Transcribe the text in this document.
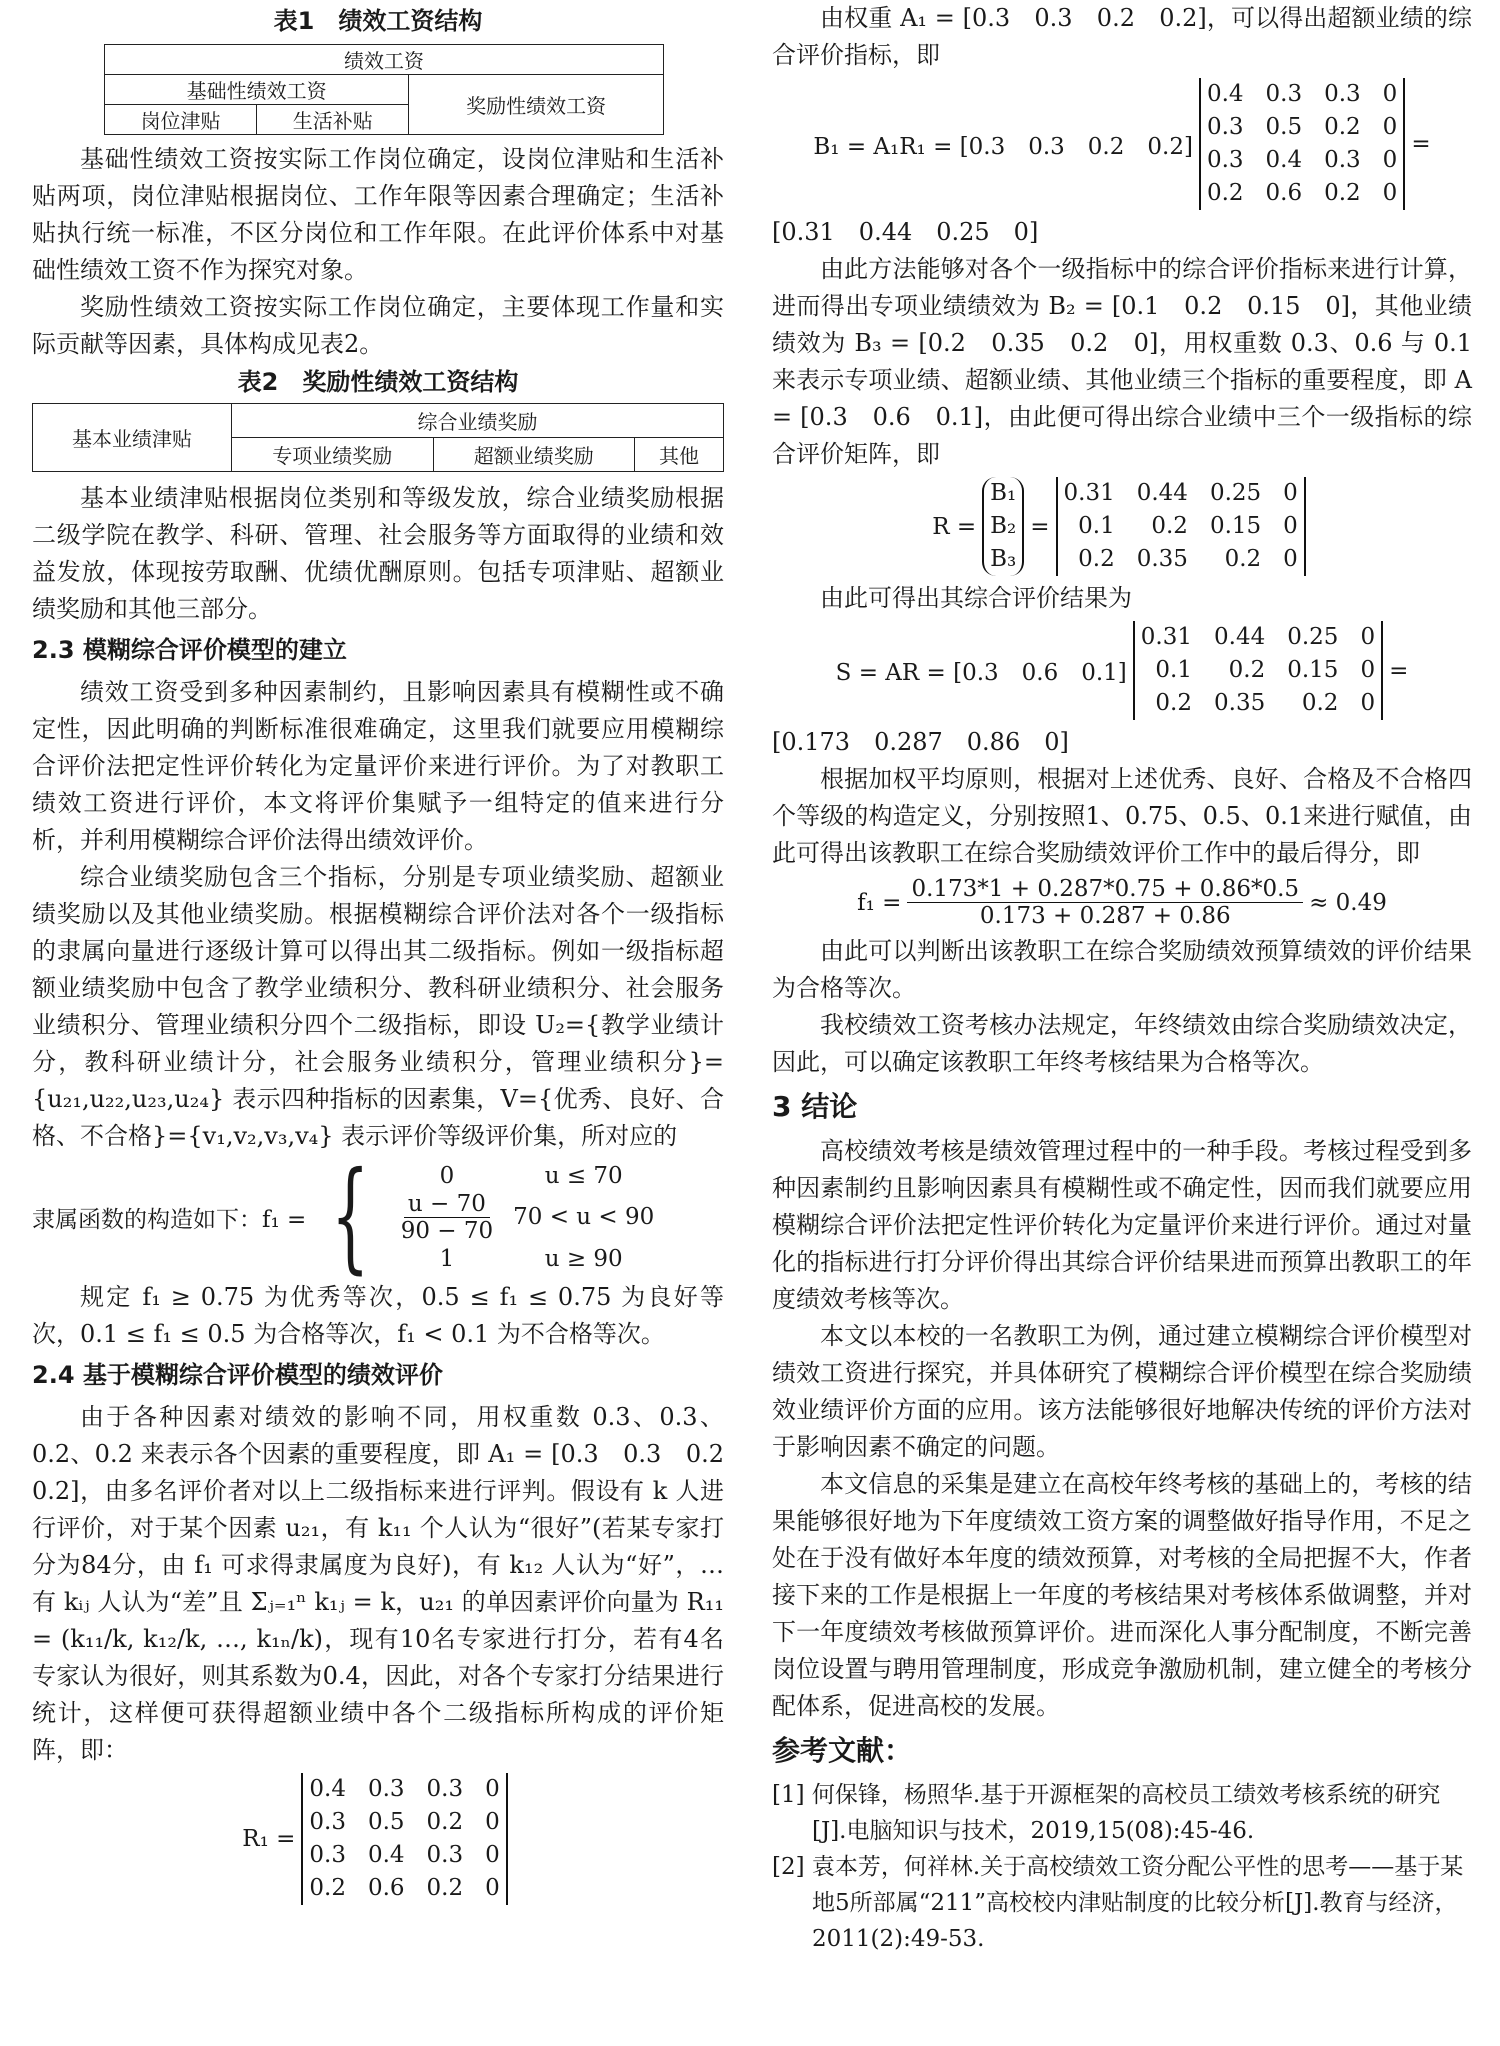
表1　绩效工资结构
绩效工资		
基础性绩效工资		奖励性绩效工资
岗位津贴	生活补贴	

基础性绩效工资按实际工作岗位确定，设岗位津贴和生活补贴两项，岗位津贴根据岗位、工作年限等因素合理确定；生活补贴执行统一标准，不区分岗位和工作年限。在此评价体系中对基础性绩效工资不作为探究对象。

奖励性绩效工资按实际工作岗位确定，主要体现工作量和实际贡献等因素，具体构成见表2。

表2　奖励性绩效工资结构
基本业绩津贴	综合业绩奖励		
	专项业绩奖励	超额业绩奖励	其他

基本业绩津贴根据岗位类别和等级发放，综合业绩奖励根据二级学院在教学、科研、管理、社会服务等方面取得的业绩和效益发放，体现按劳取酬、优绩优酬原则。包括专项津贴、超额业绩奖励和其他三部分。

2.3 模糊综合评价模型的建立

绩效工资受到多种因素制约，且影响因素具有模糊性或不确定性，因此明确的判断标准很难确定，这里我们就要应用模糊综合评价法把定性评价转化为定量评价来进行评价。为了对教职工绩效工资进行评价，本文将评价集赋予一组特定的值来进行分析，并利用模糊综合评价法得出绩效评价。

综合业绩奖励包含三个指标，分别是专项业绩奖励、超额业绩奖励以及其他业绩奖励。根据模糊综合评价法对各个一级指标的隶属向量进行逐级计算可以得出其二级指标。例如一级指标超额业绩奖励中包含了教学业绩积分、教科研业绩积分、社会服务业绩积分、管理业绩积分四个二级指标，即设 U₂={教学业绩计分，教科研业绩计分，社会服务业绩积分，管理业绩积分}={u₂₁,u₂₂,u₂₃,u₂₄} 表示四种指标的因素集，V={优秀、良好、合格、不合格}={v₁,v₂,v₃,v₄} 表示评价等级评价集，所对应的

隶属函数的构造如下：f₁ = {	0	u ≤ 70
$\frac{u - 70}{90 - 70} 70 < u < 90$
1	u ≥ 90

规定 f₁ ≥ 0.75 为优秀等次，0.5 ≤ f₁ ≤ 0.75 为良好等次，0.1 ≤ f₁ ≤ 0.5 为合格等次，f₁ < 0.1 为不合格等次。

2.4 基于模糊综合评价模型的绩效评价

由于各种因素对绩效的影响不同，用权重数 0.3、0.3、0.2、0.2 来表示各个因素的重要程度，即 A₁ = [0.3　0.3　0.2　0.2]，由多名评价者对以上二级指标来进行评判。假设有 k 人进行评价，对于某个因素 u₂₁，有 k₁₁ 个人认为“很好”(若某专家打分为84分，由 f₁ 可求得隶属度为良好)，有 k₁₂ 人认为“好”，…有 kᵢⱼ 人认为“差”且 Σⱼ₌₁ⁿ k₁ⱼ = k，u₂₁ 的单因素评价向量为 R₁₁ = (k₁₁/k, k₁₂/k, …, k₁ₙ/k)，现有10名专家进行打分，若有4名专家认为很好，则其系数为0.4，因此，对各个专家打分结果进行统计，这样便可获得超额业绩中各个二级指标所构成的评价矩阵，即：

R₁ =
0.4 0.3 0.3 0
0.3 0.5 0.2 0
0.3 0.4 0.3 0
0.2 0.6 0.2 0

由权重 A₁ = [0.3　0.3　0.2　0.2]，可以得出超额业绩的综合评价指标，即

B₁ = A₁R₁ = [0.3　0.3　0.2　0.2]
0.4 0.3 0.3 0
0.3 0.5 0.2 0
0.3 0.4 0.3 0
0.2 0.6 0.2 0
=

[0.31　0.44　0.25　0]

由此方法能够对各个一级指标中的综合评价指标来进行计算，进而得出专项业绩绩效为 B₂ = [0.1　0.2　0.15　0]，其他业绩绩效为 B₃ = [0.2　0.35　0.2　0]，用权重数 0.3、0.6 与 0.1 来表示专项业绩、超额业绩、其他业绩三个指标的重要程度，即 A = [0.3　0.6　0.1]，由此便可得出综合业绩中三个一级指标的综合评价矩阵，即

R =
B₁
B₂
B₃
=
0.31 0.44 0.25 0
0.1	0.2 0.15 0
0.2 0.35	0.2 0

由此可得出其综合评价结果为

S = AR = [0.3　0.6　0.1]
0.31 0.44 0.25 0
0.1	0.2 0.15 0
0.2 0.35	0.2 0
=

[0.173　0.287　0.86　0]

根据加权平均原则，根据对上述优秀、良好、合格及不合格四个等级的构造定义，分别按照1、0.75、0.5、0.1来进行赋值，由此可得出该教职工在综合奖励绩效评价工作中的最后得分，即

$f_1 = \frac{0.173*1 + 0.287*0.75 + 0.86*0.5}{0.173 + 0.287 + 0.86} \approx 0.49$

由此可以判断出该教职工在综合奖励绩效预算绩效的评价结果为合格等次。

我校绩效工资考核办法规定，年终绩效由综合奖励绩效决定，因此，可以确定该教职工年终考核结果为合格等次。

3 结论

高校绩效考核是绩效管理过程中的一种手段。考核过程受到多种因素制约且影响因素具有模糊性或不确定性，因而我们就要应用模糊综合评价法把定性评价转化为定量评价来进行评价。通过对量化的指标进行打分评价得出其综合评价结果进而预算出教职工的年度绩效考核等次。

本文以本校的一名教职工为例，通过建立模糊综合评价模型对绩效工资进行探究，并具体研究了模糊综合评价模型在综合奖励绩效业绩评价方面的应用。该方法能够很好地解决传统的评价方法对于影响因素不确定的问题。

本文信息的采集是建立在高校年终考核的基础上的，考核的结果能够很好地为下年度绩效工资方案的调整做好指导作用，不足之处在于没有做好本年度的绩效预算，对考核的全局把握不大，作者接下来的工作是根据上一年度的考核结果对考核体系做调整，并对下一年度绩效考核做预算评价。进而深化人事分配制度，不断完善岗位设置与聘用管理制度，形成竞争激励机制，建立健全的考核分配体系，促进高校的发展。

参考文献：

[1] 何保锋，杨照华.基于开源框架的高校员工绩效考核系统的研究[J].电脑知识与技术，2019,15(08):45-46.

[2] 袁本芳，何祥林.关于高校绩效工资分配公平性的思考——基于某地5所部属“211”高校校内津贴制度的比较分析[J].教育与经济，2011(2):49-53.
